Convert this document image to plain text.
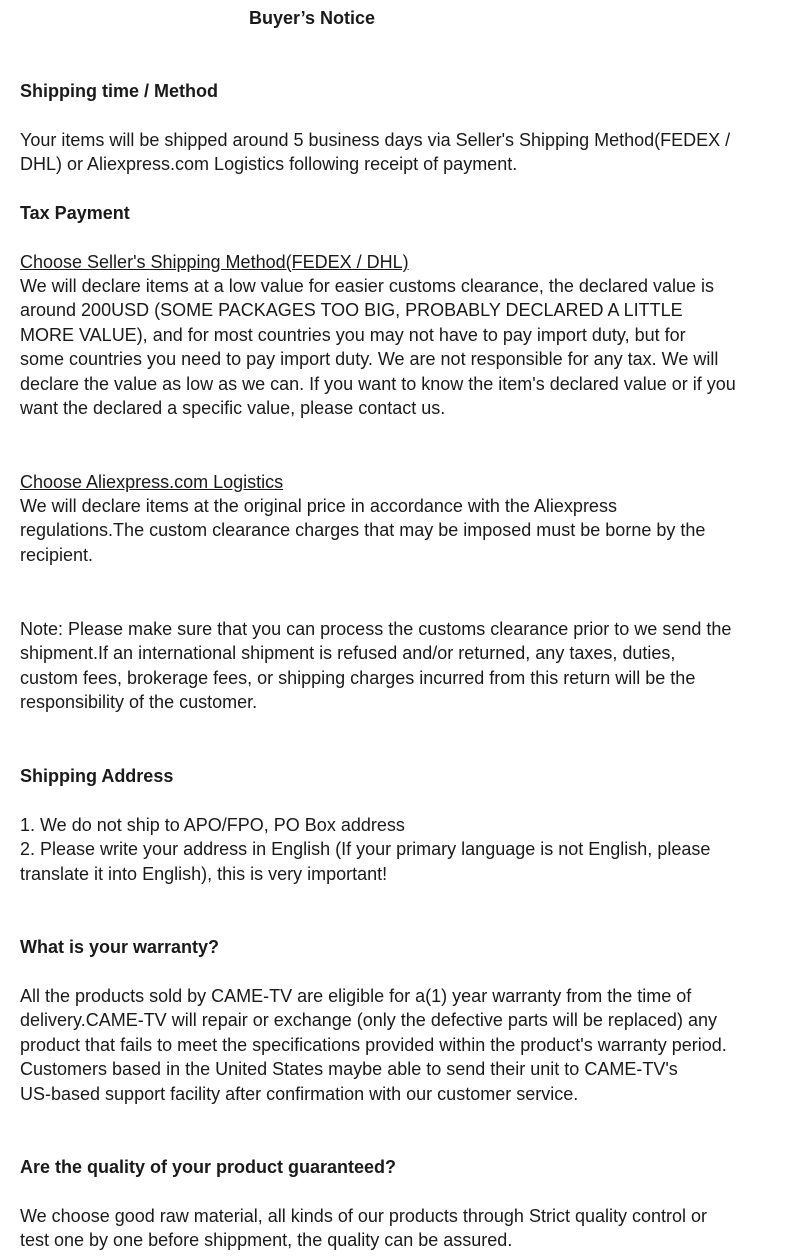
Buyer’s Notice
Shipping time / Method
Your items will be shipped around 5 business days via Seller's Shipping Method(FEDEX /
DHL) or Aliexpress.com Logistics following receipt of payment.
Tax Payment
Choose Seller's Shipping Method(FEDEX / DHL)
We will declare items at a low value for easier customs clearance, the declared value is
around 200USD (SOME PACKAGES TOO BIG, PROBABLY DECLARED A LITTLE
MORE VALUE), and for most countries you may not have to pay import duty, but for
some countries you need to pay import duty. We are not responsible for any tax. We will
declare the value as low as we can. If you want to know the item's declared value or if you
want the declared a specific value, please contact us.
Choose Aliexpress.com Logistics
We will declare items at the original price in accordance with the Aliexpress
regulations.The custom clearance charges that may be imposed must be borne by the
recipient.
Note: Please make sure that you can process the customs clearance prior to we send the
shipment.If an international shipment is refused and/or returned, any taxes, duties,
custom fees, brokerage fees, or shipping charges incurred from this return will be the
responsibility of the customer.
Shipping Address
1. We do not ship to APO/FPO, PO Box address
2. Please write your address in English (If your primary language is not English, please
translate it into English), this is very important!
What is your warranty?
All the products sold by CAME-TV are eligible for a(1) year warranty from the time of
delivery.CAME-TV will repair or exchange (only the defective parts will be replaced) any
product that fails to meet the specifications provided within the product's warranty period.
Customers based in the United States maybe able to send their unit to CAME-TV's
US-based support facility after confirmation with our customer service.
Are the quality of your product guaranteed?
We choose good raw material, all kinds of our products through Strict quality control or
test one by one before shippment, the quality can be assured.
